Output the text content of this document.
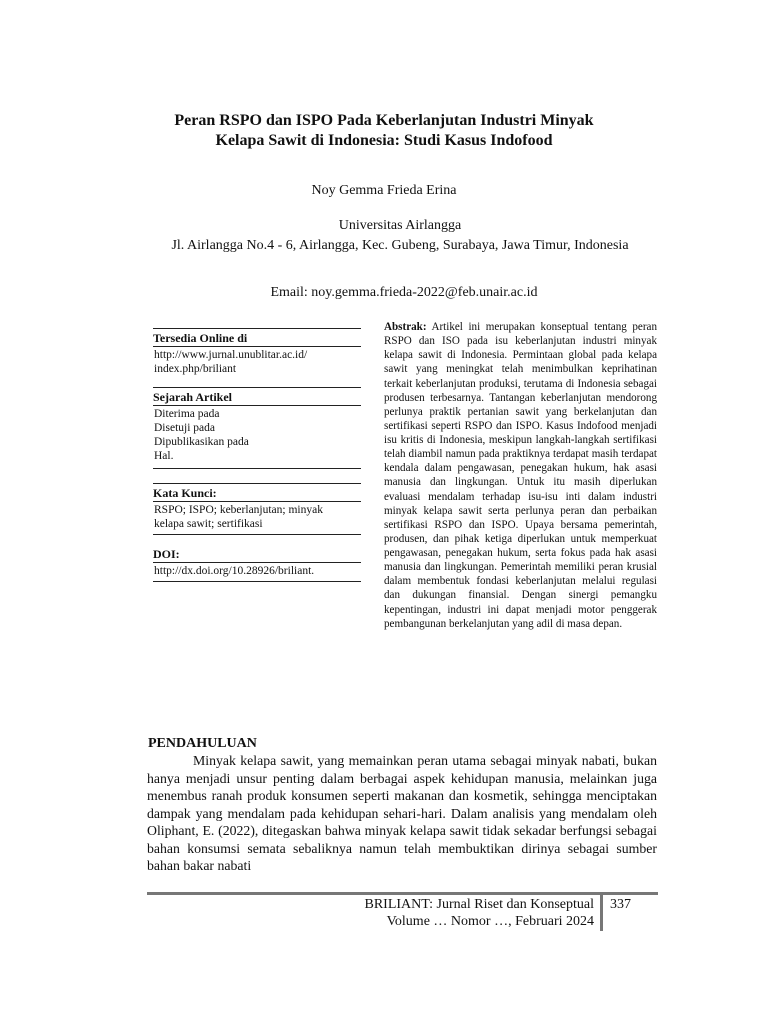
Peran RSPO dan ISPO Pada Keberlanjutan Industri Minyak
Kelapa Sawit di Indonesia: Studi Kasus Indofood
Noy Gemma Frieda Erina
Universitas Airlangga
Jl. Airlangga No.4 - 6, Airlangga, Kec. Gubeng, Surabaya, Jawa Timur, Indonesia
Email: noy.gemma.frieda-2022@feb.unair.ac.id
Tersedia Online di
http://www.jurnal.unublitar.ac.id/
index.php/briliant
Sejarah Artikel
Diterima pada
Disetuji pada
Dipublikasikan pada
Hal.
Kata Kunci:
RSPO; ISPO; keberlanjutan; minyak
kelapa sawit; sertifikasi
DOI:
http://dx.doi.org/10.28926/briliant.
Abstrak: Artikel ini merupakan konseptual tentang peran RSPO dan ISO pada isu keberlanjutan industri minyak kelapa sawit di Indonesia. Permintaan global pada kelapa sawit yang meningkat telah menimbulkan keprihatinan terkait keberlanjutan produksi, terutama di Indonesia sebagai produsen terbesarnya. Tantangan keberlanjutan mendorong perlunya praktik pertanian sawit yang berkelanjutan dan sertifikasi seperti RSPO dan ISPO. Kasus Indofood menjadi isu kritis di Indonesia, meskipun langkah-langkah sertifikasi telah diambil namun pada praktiknya terdapat masih terdapat kendala dalam pengawasan, penegakan hukum, hak asasi manusia dan lingkungan. Untuk itu masih diperlukan evaluasi mendalam terhadap isu-isu inti dalam industri minyak kelapa sawit serta perlunya peran dan perbaikan sertifikasi RSPO dan ISPO. Upaya bersama pemerintah, produsen, dan pihak ketiga diperlukan untuk memperkuat pengawasan, penegakan hukum, serta fokus pada hak asasi manusia dan lingkungan. Pemerintah memiliki peran krusial dalam membentuk fondasi keberlanjutan melalui regulasi dan dukungan finansial. Dengan sinergi pemangku kepentingan, industri ini dapat menjadi motor penggerak pembangunan berkelanjutan yang adil di masa depan.
PENDAHULUAN
Minyak kelapa sawit, yang memainkan peran utama sebagai minyak nabati, bukan hanya menjadi unsur penting dalam berbagai aspek kehidupan manusia, melainkan juga menembus ranah produk konsumen seperti makanan dan kosmetik, sehingga menciptakan dampak yang mendalam pada kehidupan sehari-hari. Dalam analisis yang mendalam oleh Oliphant, E. (2022), ditegaskan bahwa minyak kelapa sawit tidak sekadar berfungsi sebagai bahan konsumsi semata sebaliknya namun telah membuktikan dirinya sebagai sumber bahan bakar nabati
BRILIANT: Jurnal Riset dan Konseptual
Volume … Nomor …, Februari 2024
337
